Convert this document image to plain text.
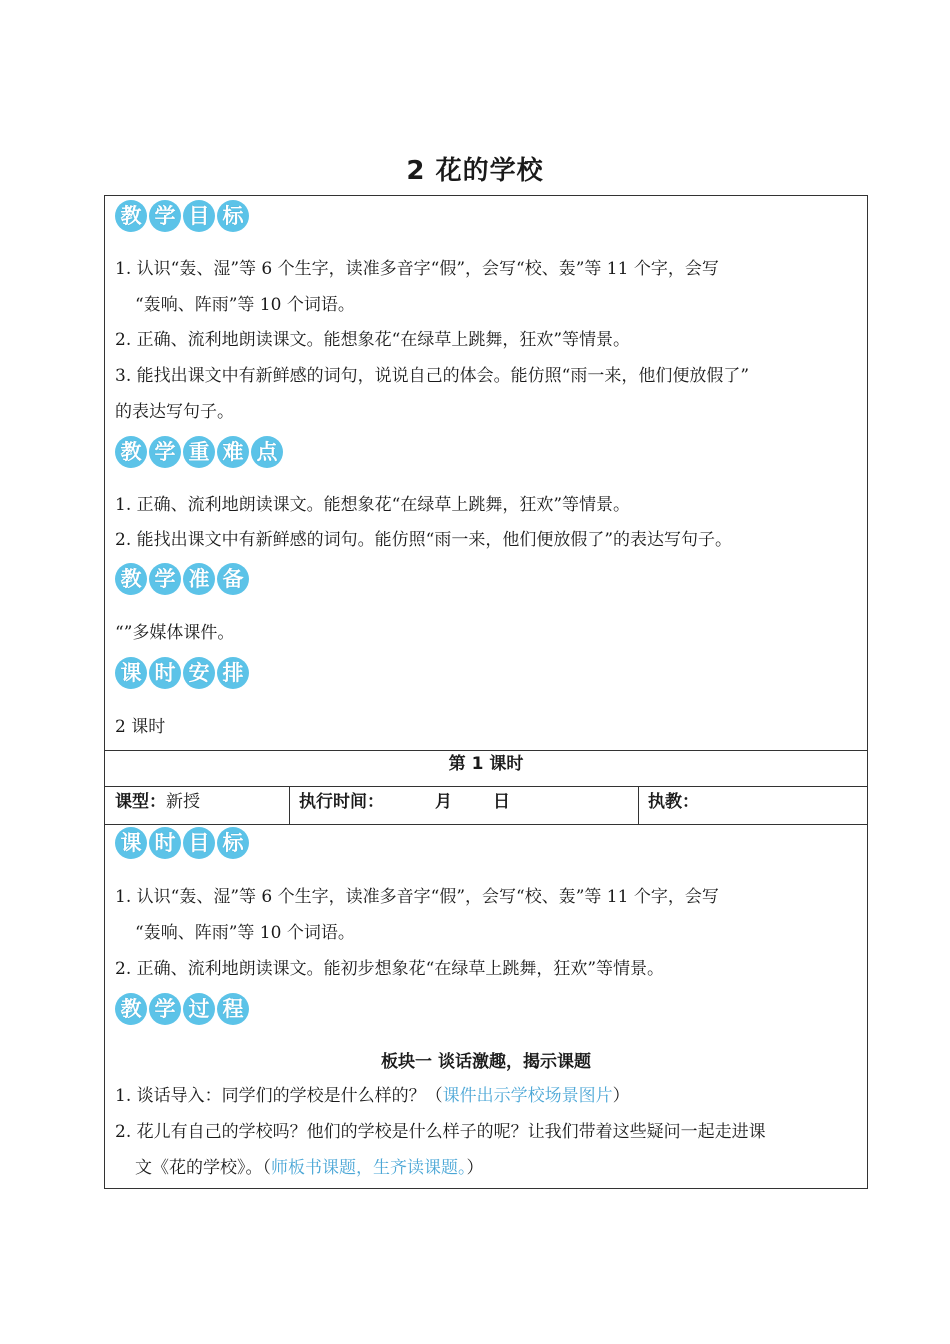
2 花的学校
教 学 目 标
1. 认识“轰、湿”等 6 个生字，读准多音字“假”，会写“校、轰”等 11 个字，会写
“轰响、阵雨”等 10 个词语。
2. 正确、流利地朗读课文。能想象花“在绿草上跳舞，狂欢”等情景。
3. 能找出课文中有新鲜感的词句，说说自己的体会。能仿照“雨一来，他们便放假了”
的表达写句子。
教 学 重 难 点
1. 正确、流利地朗读课文。能想象花“在绿草上跳舞，狂欢”等情景。
2. 能找出课文中有新鲜感的词句。能仿照“雨一来，他们便放假了”的表达写句子。
教 学 准 备
“”多媒体课件。
课 时 安 排
2 课时
第 1 课时
课型：新授	执行时间：	月 日	执教：
课 时 目 标
1. 认识“轰、湿”等 6 个生字，读准多音字“假”，会写“校、轰”等 11 个字，会写
“轰响、阵雨”等 10 个词语。
2. 正确、流利地朗读课文。能初步想象花“在绿草上跳舞，狂欢”等情景。
教 学 过 程
板块一 谈话激趣，揭示课题
1. 谈话导入：同学们的学校是什么样的？（课件出示学校场景图片）
2. 花儿有自己的学校吗？他们的学校是什么样子的呢？让我们带着这些疑问一起走进课
文《花的学校》。（师板书课题，生齐读课题。）
